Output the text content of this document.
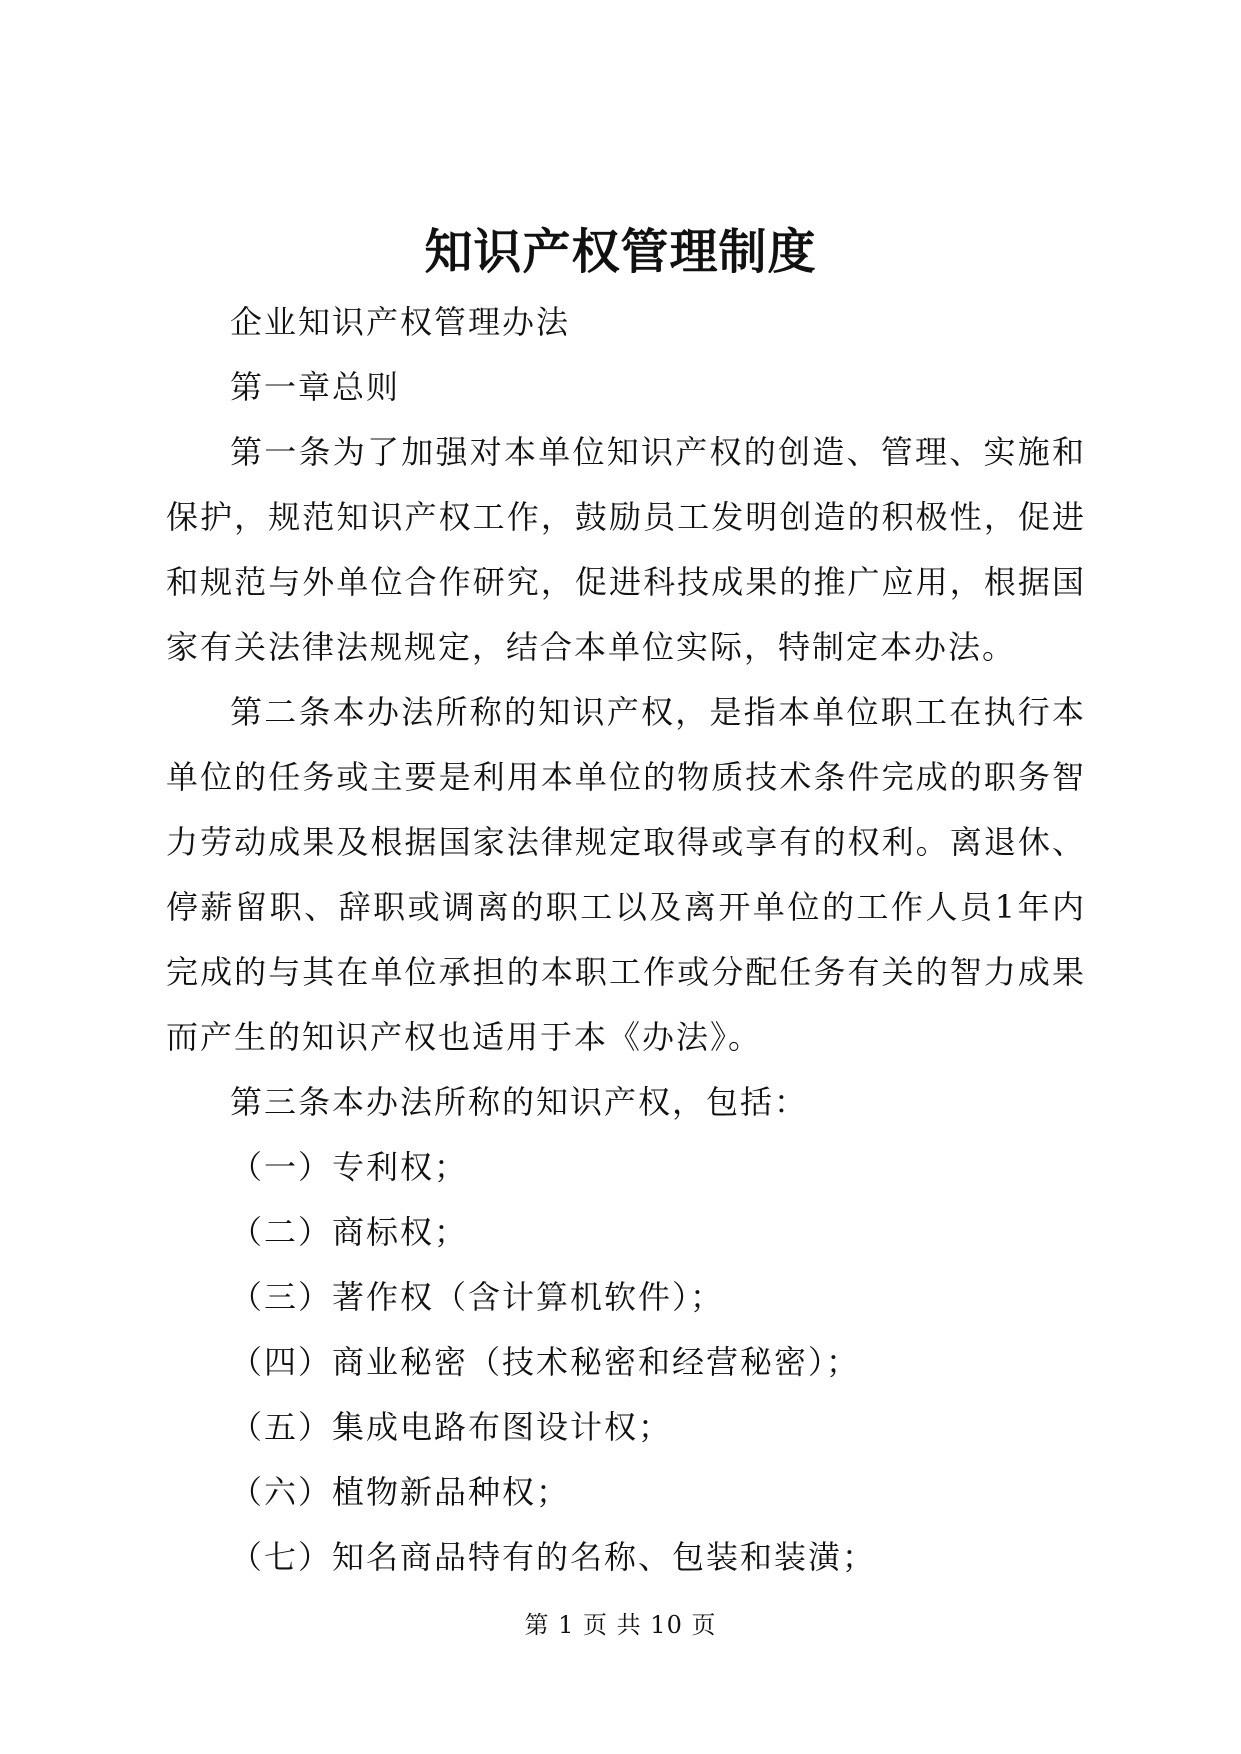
知识产权管理制度

企业知识产权管理办法

第一章总则

第一条为了加强对本单位知识产权的创造、管理、实施和保护，规范知识产权工作，鼓励员工发明创造的积极性，促进和规范与外单位合作研究，促进科技成果的推广应用，根据国家有关法律法规规定，结合本单位实际，特制定本办法。

第二条本办法所称的知识产权，是指本单位职工在执行本单位的任务或主要是利用本单位的物质技术条件完成的职务智力劳动成果及根据国家法律规定取得或享有的权利。离退休、停薪留职、辞职或调离的职工以及离开单位的工作人员1年内完成的与其在单位承担的本职工作或分配任务有关的智力成果而产生的知识产权也适用于本《办法》。

第三条本办法所称的知识产权，包括：

（一）专利权；

（二）商标权；

（三）著作权（含计算机软件）；

（四）商业秘密（技术秘密和经营秘密）；

（五）集成电路布图设计权；

（六）植物新品种权；

（七）知名商品特有的名称、包装和装潢；

第 1 页 共 10 页
